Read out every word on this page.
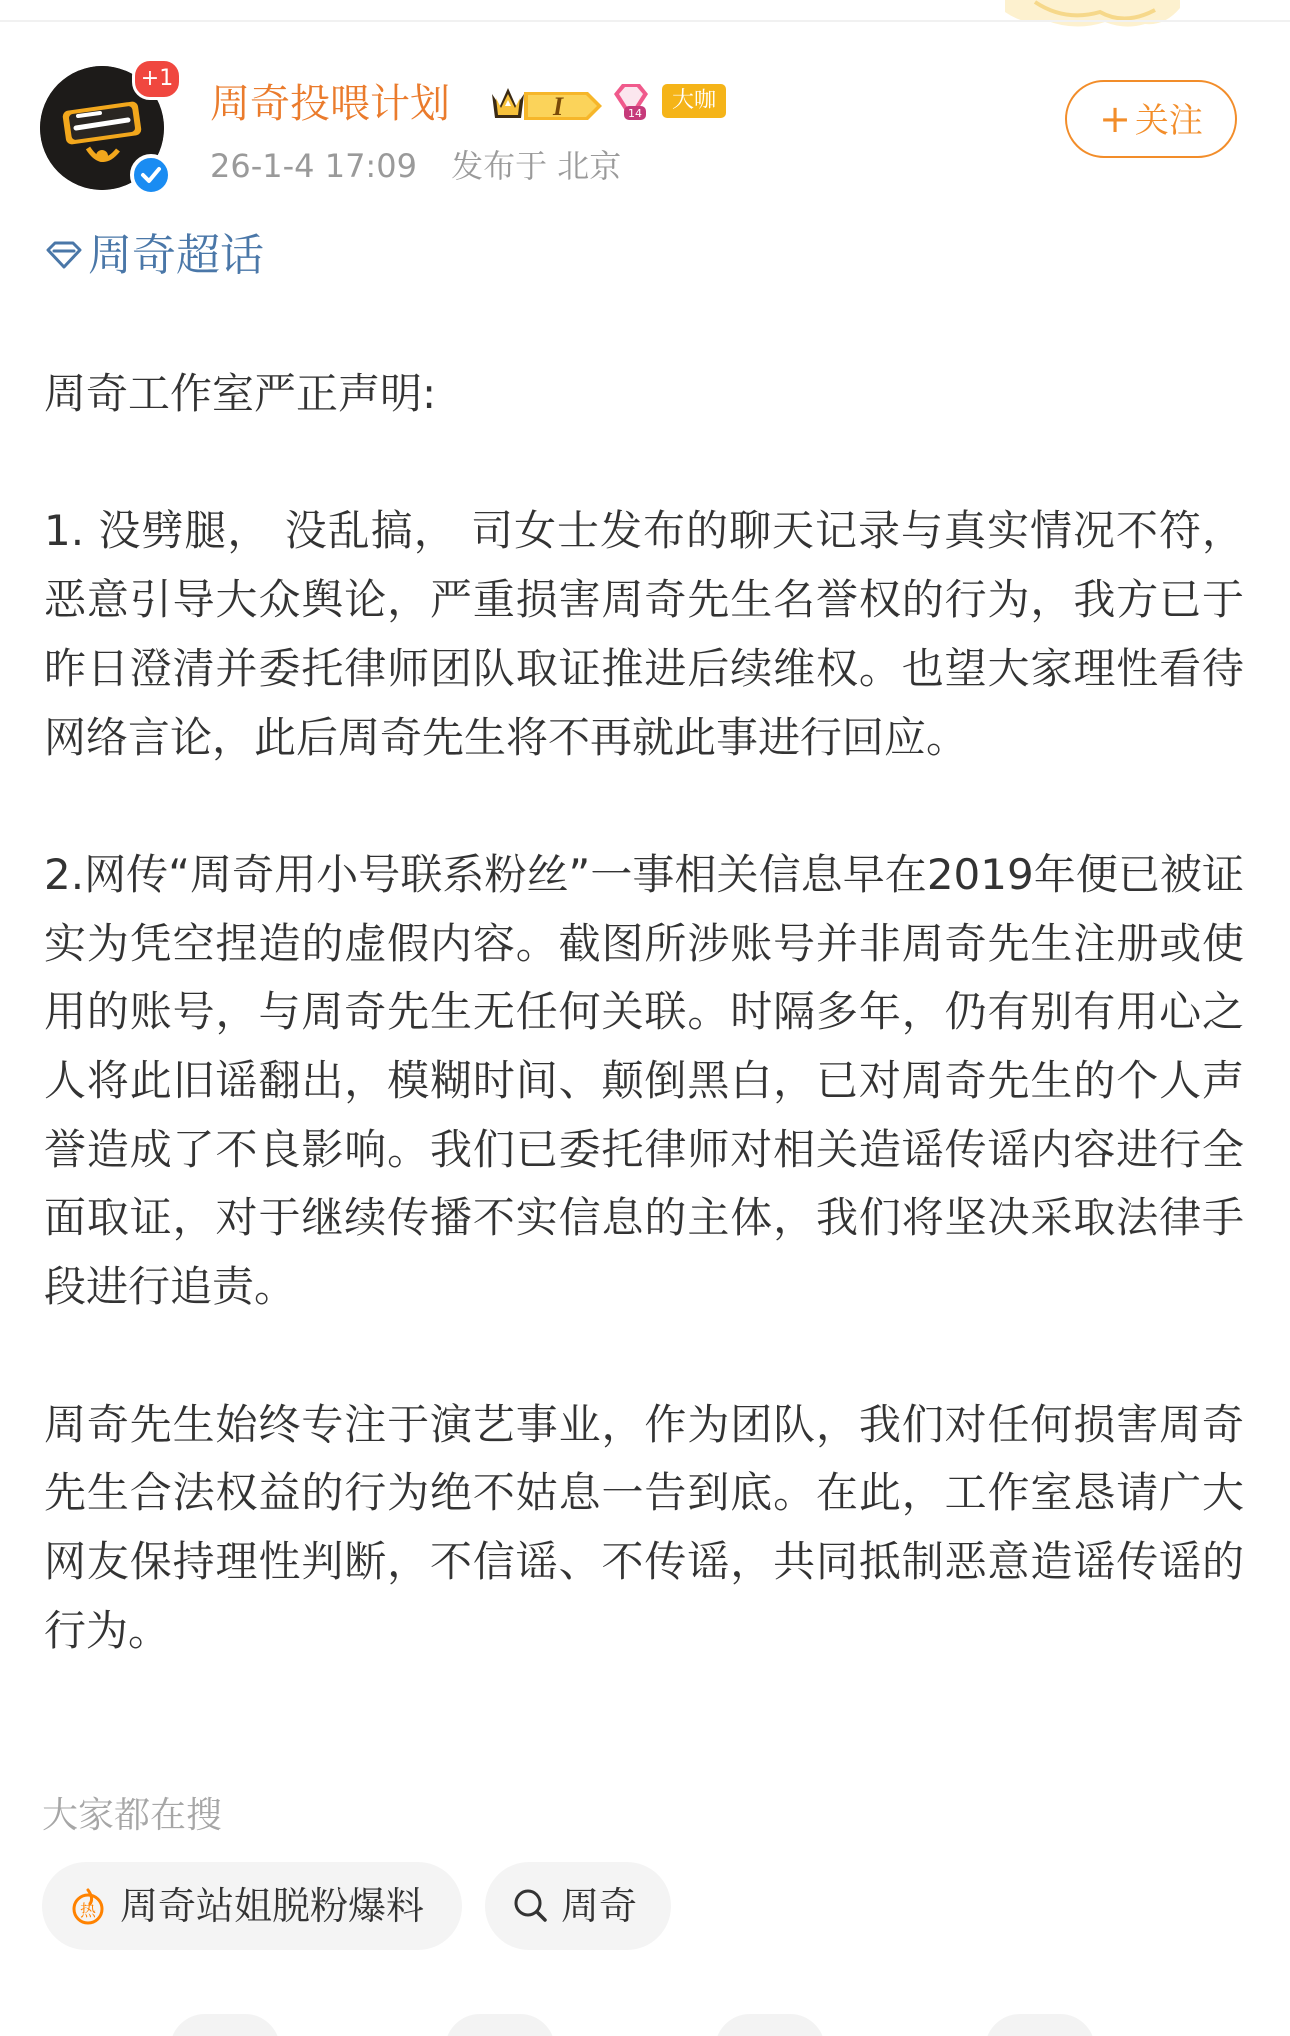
+1
周奇投喂计划	I	14
大咖
26-1-4 17:09 发布于 北京
+ 关注
周奇超话

周奇工作室严正声明:

1. 没劈腿， 没乱搞， 司女士发布的聊天记录与真实情况不符，恶意引导大众舆论，严重损害周奇先生名誉权的行为，我方已于昨日澄清并委托律师团队取证推进后续维权。也望大家理性看待网络言论，此后周奇先生将不再就此事进行回应。

2.网传“周奇用小号联系粉丝”一事相关信息早在2019年便已被证实为凭空捏造的虚假内容。截图所涉账号并非周奇先生注册或使用的账号，与周奇先生无任何关联。时隔多年，仍有别有用心之人将此旧谣翻出，模糊时间、颠倒黑白，已对周奇先生的个人声誉造成了不良影响。我们已委托律师对相关造谣传谣内容进行全面取证，对于继续传播不实信息的主体，我们将坚决采取法律手段进行追责。

周奇先生始终专注于演艺事业，作为团队，我们对任何损害周奇先生合法权益的行为绝不姑息一告到底。在此，工作室恳请广大网友保持理性判断，不信谣、不传谣，共同抵制恶意造谣传谣的行为。

大家都在搜
热 周奇站姐脱粉爆料	周奇
